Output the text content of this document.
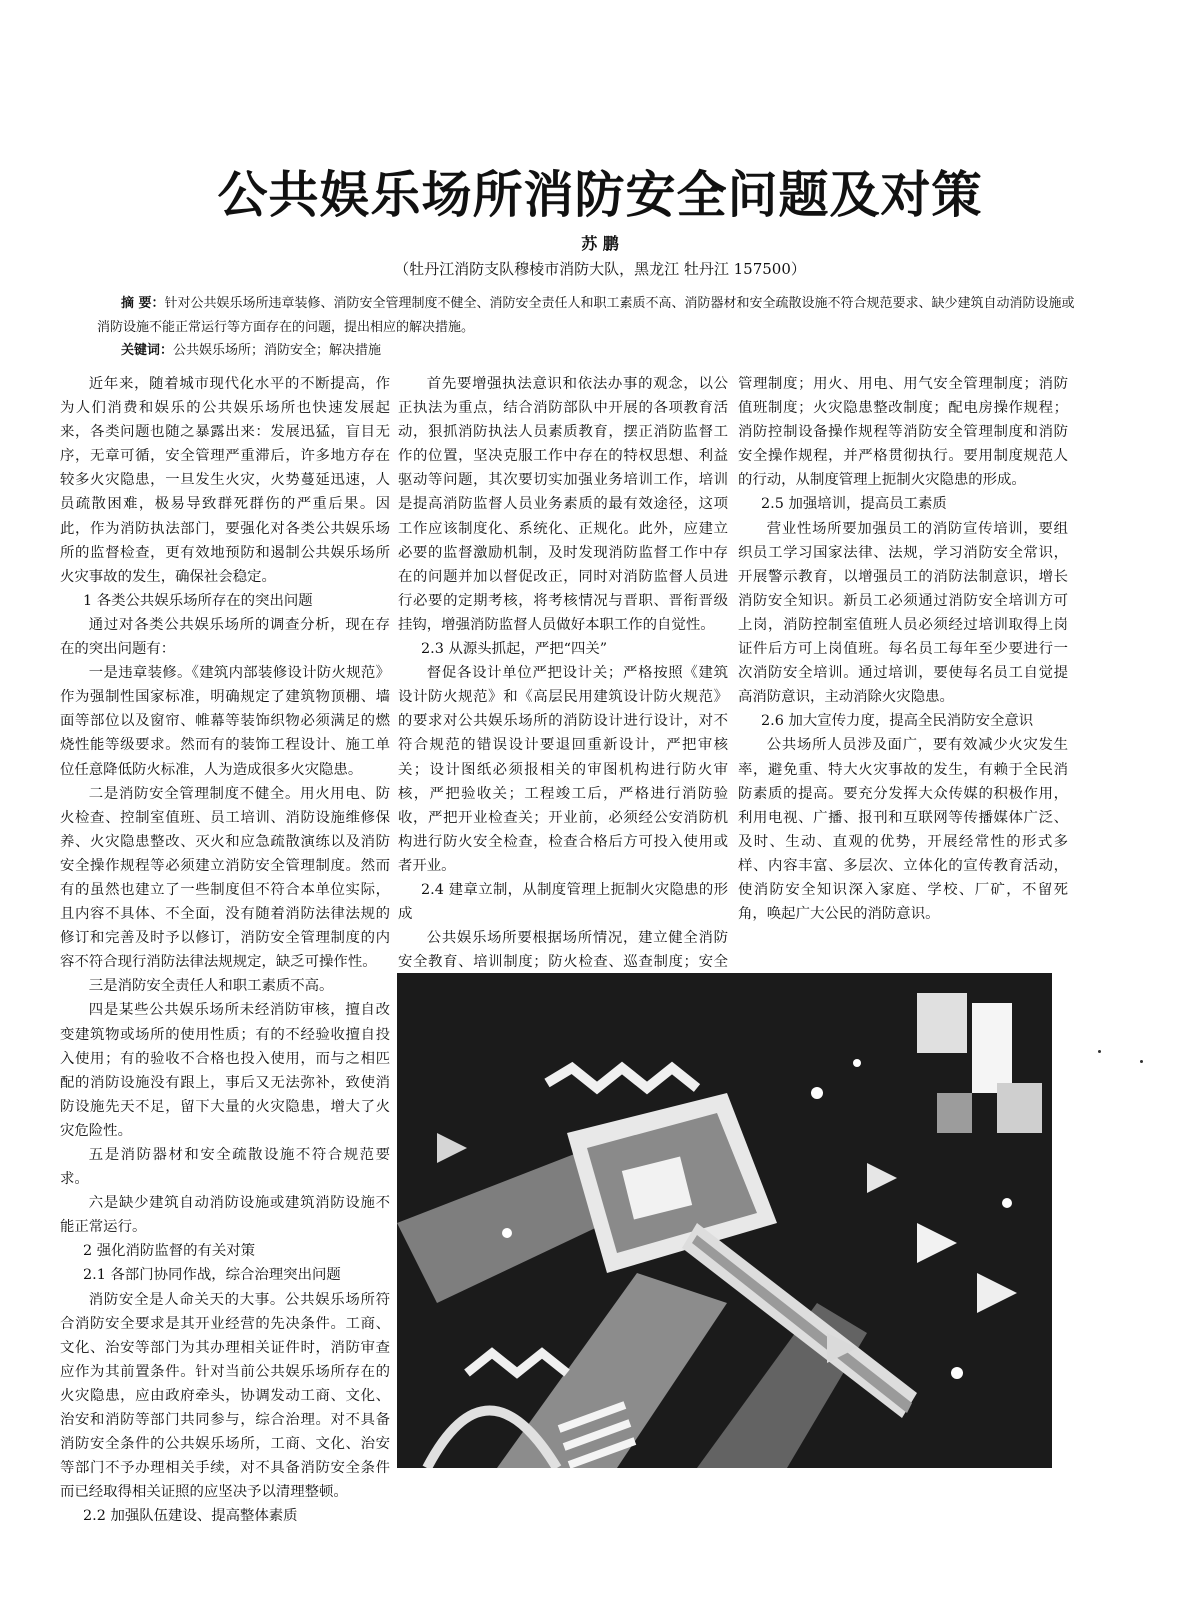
公共娱乐场所消防安全问题及对策
苏 鹏
（牡丹江消防支队穆棱市消防大队，黑龙江 牡丹江 157500）
摘 要：针对公共娱乐场所违章装修、消防安全管理制度不健全、消防安全责任人和职工素质不高、消防器材和安全疏散设施不符合规范要求、缺少建筑自动消防设施或消防设施不能正常运行等方面存在的问题，提出相应的解决措施。
关键词：公共娱乐场所；消防安全；解决措施

近年来，随着城市现代化水平的不断提高，作为人们消费和娱乐的公共娱乐场所也快速发展起来，各类问题也随之暴露出来：发展迅猛，盲目无序，无章可循，安全管理严重滞后，许多地方存在较多火灾隐患，一旦发生火灾，火势蔓延迅速，人员疏散困难，极易导致群死群伤的严重后果。因此，作为消防执法部门，要强化对各类公共娱乐场所的监督检查，更有效地预防和遏制公共娱乐场所火灾事故的发生，确保社会稳定。

1 各类公共娱乐场所存在的突出问题

通过对各类公共娱乐场所的调查分析，现在存在的突出问题有：

一是违章装修。《建筑内部装修设计防火规范》作为强制性国家标准，明确规定了建筑物顶棚、墙面等部位以及窗帘、帷幕等装饰织物必须满足的燃烧性能等级要求。然而有的装饰工程设计、施工单位任意降低防火标准，人为造成很多火灾隐患。

二是消防安全管理制度不健全。用火用电、防火检查、控制室值班、员工培训、消防设施维修保养、火灾隐患整改、灭火和应急疏散演练以及消防安全操作规程等必须建立消防安全管理制度。然而有的虽然也建立了一些制度但不符合本单位实际，且内容不具体、不全面，没有随着消防法律法规的修订和完善及时予以修订，消防安全管理制度的内容不符合现行消防法律法规规定，缺乏可操作性。

三是消防安全责任人和职工素质不高。

四是某些公共娱乐场所未经消防审核，擅自改变建筑物或场所的使用性质；有的不经验收擅自投入使用；有的验收不合格也投入使用，而与之相匹配的消防设施没有跟上，事后又无法弥补，致使消防设施先天不足，留下大量的火灾隐患，增大了火灾危险性。

五是消防器材和安全疏散设施不符合规范要求。

六是缺少建筑自动消防设施或建筑消防设施不能正常运行。

2 强化消防监督的有关对策

2.1 各部门协同作战，综合治理突出问题

消防安全是人命关天的大事。公共娱乐场所符合消防安全要求是其开业经营的先决条件。工商、文化、治安等部门为其办理相关证件时，消防审查应作为其前置条件。针对当前公共娱乐场所存在的火灾隐患，应由政府牵头，协调发动工商、文化、治安和消防等部门共同参与，综合治理。对不具备消防安全条件的公共娱乐场所，工商、文化、治安等部门不予办理相关手续，对不具备消防安全条件而已经取得相关证照的应坚决予以清理整顿。

2.2 加强队伍建设、提高整体素质

首先要增强执法意识和依法办事的观念，以公正执法为重点，结合消防部队中开展的各项教育活动，狠抓消防执法人员素质教育，摆正消防监督工作的位置，坚决克服工作中存在的特权思想、利益驱动等问题，其次要切实加强业务培训工作，培训是提高消防监督人员业务素质的最有效途径，这项工作应该制度化、系统化、正规化。此外，应建立必要的监督激励机制，及时发现消防监督工作中存在的问题并加以督促改正，同时对消防监督人员进行必要的定期考核，将考核情况与晋职、晋衔晋级挂钩，增强消防监督人员做好本职工作的自觉性。

2.3 从源头抓起，严把“四关”

督促各设计单位严把设计关；严格按照《建筑设计防火规范》和《高层民用建筑设计防火规范》的要求对公共娱乐场所的消防设计进行设计，对不符合规范的错误设计要退回重新设计，严把审核关；设计图纸必须报相关的审图机构进行防火审核，严把验收关；工程竣工后，严格进行消防验收，严把开业检查关；开业前，必须经公安消防机构进行防火安全检查，检查合格后方可投入使用或者开业。

2.4 建章立制，从制度管理上扼制火灾隐患的形成

公共娱乐场所要根据场所情况，建立健全消防安全教育、培训制度；防火检查、巡查制度；安全

管理制度；用火、用电、用气安全管理制度；消防值班制度；火灾隐患整改制度；配电房操作规程；消防控制设备操作规程等消防安全管理制度和消防安全操作规程，并严格贯彻执行。要用制度规范人的行动，从制度管理上扼制火灾隐患的形成。

2.5 加强培训，提高员工素质

营业性场所要加强员工的消防宣传培训，要组织员工学习国家法律、法规，学习消防安全常识，开展警示教育，以增强员工的消防法制意识，增长消防安全知识。新员工必须通过消防安全培训方可上岗，消防控制室值班人员必须经过培训取得上岗证件后方可上岗值班。每名员工每年至少要进行一次消防安全培训。通过培训，要使每名员工自觉提高消防意识，主动消除火灾隐患。

2.6 加大宣传力度，提高全民消防安全意识

公共场所人员涉及面广，要有效减少火灾发生率，避免重、特大火灾事故的发生，有赖于全民消防素质的提高。要充分发挥大众传媒的积极作用，利用电视、广播、报刊和互联网等传播媒体广泛、及时、生动、直观的优势，开展经常性的形式多样、内容丰富、多层次、立体化的宣传教育活动，使消防安全知识深入家庭、学校、厂矿，不留死角，唤起广大公民的消防意识。
